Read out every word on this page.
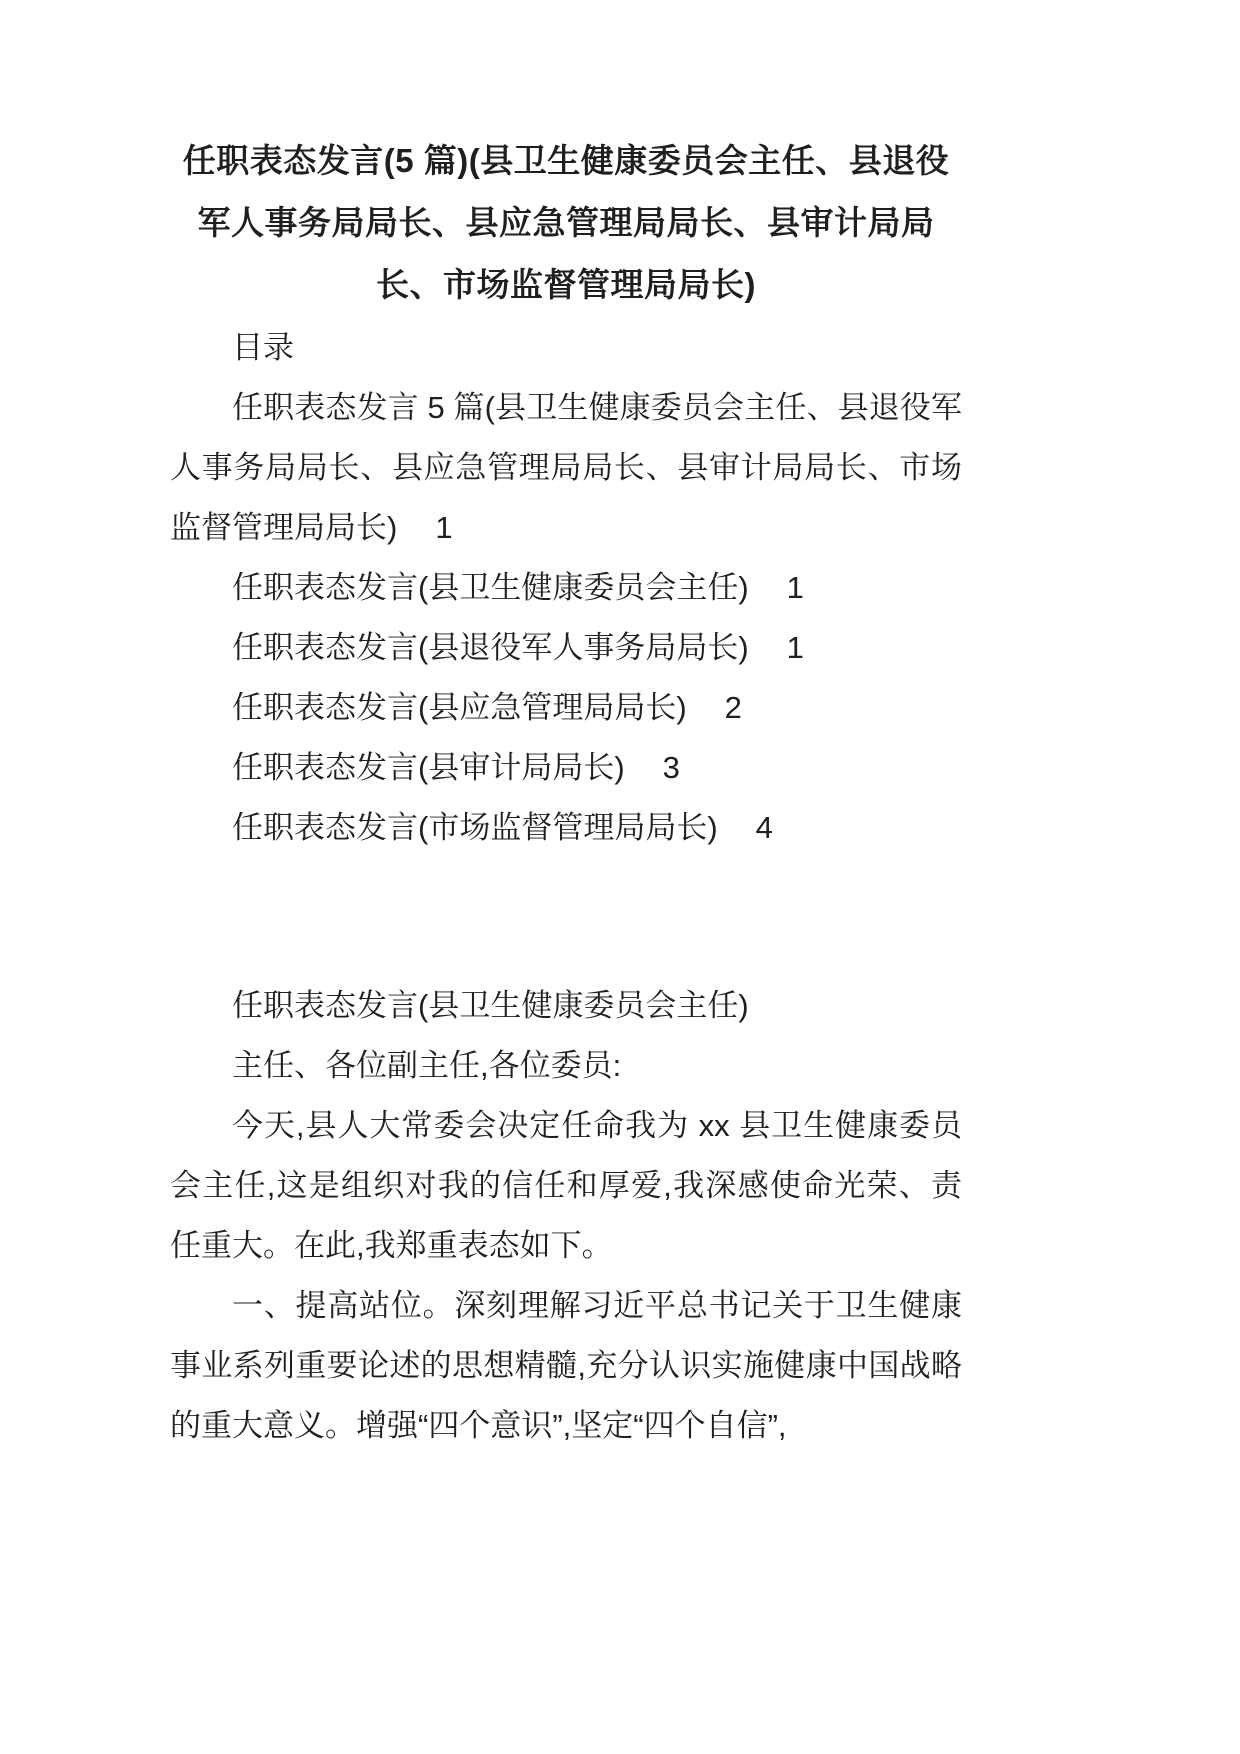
任职表态发言(5 篇)(县卫生健康委员会主任、县退役军人事务局局长、县应急管理局局长、县审计局局长、市场监督管理局局长)

目录

任职表态发言 5 篇(县卫生健康委员会主任、县退役军人事务局局长、县应急管理局局长、县审计局局长、市场监督管理局局长) 1

任职表态发言(县卫生健康委员会主任) 1

任职表态发言(县退役军人事务局局长) 1

任职表态发言(县应急管理局局长) 2

任职表态发言(县审计局局长) 3

任职表态发言(市场监督管理局局长) 4

任职表态发言(县卫生健康委员会主任)

主任、各位副主任,各位委员:

今天,县人大常委会决定任命我为 xx 县卫生健康委员会主任,这是组织对我的信任和厚爱,我深感使命光荣、责任重大。在此,我郑重表态如下。

一、提高站位。深刻理解习近平总书记关于卫生健康事业系列重要论述的思想精髓,充分认识实施健康中国战略的重大意义。增强“四个意识”,坚定“四个自信”,
